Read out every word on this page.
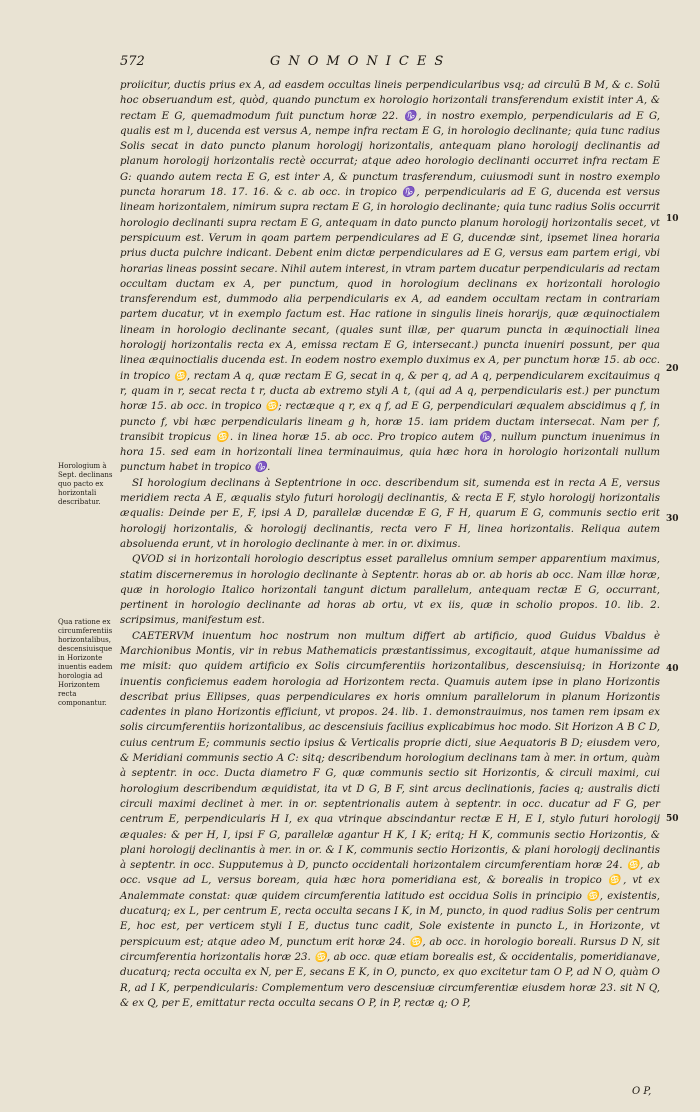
572	GNOMONICES

proiicitur, ductis prius ex A, ad easdem occultas lineis perpendicularibus vsq; ad circulũ B M, & c. Solũ hoc obseruandum est, quòd, quando punctum ex horologio horizontali transferendum existit inter A, & rectam E G, quemadmodum fuit punctum horæ 22. ♑, in nostro exemplo, perpendicularis ad E G, qualis est m l, ducenda est versus A, nempe infra rectam E G, in horologio declinante; quia tunc radius Solis secat in dato puncto planum horologij horizontalis, antequam plano horologij declinantis ad planum horologij horizontalis rectè occurrat; atque adeo horologio declinanti occurret infra rectam E G: quando autem recta E G, est inter A, & punctum trasferendum, cuiusmodi sunt in nostro exemplo puncta horarum 18. 17. 16. & c. ab occ. in tropico ♑, perpendicularis ad E G, ducenda est versus lineam horizontalem, nimirum supra rectam E G, in horologio declinante; quia tunc radius Solis occurrit horologio declinanti supra rectam E G, antequam in dato puncto planum horologij horizontalis secet, vt perspicuum est. Verum in qoam partem perpendiculares ad E G, ducendæ sint, ipsemet linea horaria prius ducta pulchre indicant. Debent enim dictæ perpendiculares ad E G, versus eam partem erigi, vbi horarias lineas possint secare. Nihil autem interest, in vtram partem ducatur perpendicularis ad rectam occultam ductam ex A, per punctum, quod in horologium declinans ex horizontali horologio transferendum est, dummodo alia perpendicularis ex A, ad eandem occultam rectam in contrariam partem ducatur, vt in exemplo factum est. Hac ratione in singulis lineis horarijs, quæ æquinoctialem lineam in horologio declinante secant, (quales sunt illæ, per quarum puncta in æquinoctiali linea horologij horizontalis recta ex A, emissa rectam E G, intersecant.) puncta inueniri possunt, per qua linea æquinoctialis ducenda est. In eodem nostro exemplo duximus ex A, per punctum horæ 15. ab occ. in tropico ♋, rectam A q, quæ rectam E G, secat in q, & per q, ad A q, perpendicularem excitauimus q r, quam in r, secat recta t r, ducta ab extremo styli A t, (qui ad A q, perpendicularis est.) per punctum horæ 15. ab occ. in tropico ♋; rectæque q r, ex q f, ad E G, perpendiculari æqualem abscidimus q f, in puncto f, vbi hæc perpendicularis lineam g h, horæ 15. iam pridem ductam intersecat. Nam per f, transibit tropicus ♋. in linea horæ 15. ab occ. Pro tropico autem ♑, nullum punctum inuenimus in hora 15. sed eam in horizontali linea terminauimus, quia hæc hora in horologio horizontali nullum punctum habet in tropico ♑.

SI horologium declinans à Septentrione in occ. describendum sit, sumenda est in recta A E, versus meridiem recta A E, æqualis stylo futuri horologij declinantis, & recta E F, stylo horologij horizontalis æqualis: Deinde per E, F, ipsi A D, parallelæ ducendæ E G, F H, quarum E G, communis sectio erit horologij horizontalis, & horologij declinantis, recta vero F H, linea horizontalis. Reliqua autem absoluenda erunt, vt in horologio declinante à mer. in or. diximus.

QVOD si in horizontali horologio descriptus esset parallelus omnium semper apparentium maximus, statim discerneremus in horologio declinante à Septentr. horas ab or. ab horis ab occ. Nam illæ horæ, quæ in horologio Italico horizontali tangunt dictum parallelum, antequam rectæ E G, occurrant, pertinent in horologio declinante ad horas ab ortu, vt ex iis, quæ in scholio propos. 10. lib. 2. scripsimus, manifestum est.

CAETERVM inuentum hoc nostrum non multum differt ab artificio, quod Guidus Vbaldus è Marchionibus Montis, vir in rebus Mathematicis præstantissimus, excogitauit, atque humanissime ad me misit: quo quidem artificio ex Solis circumferentiis horizontalibus, descensiuisq; in Horizonte inuentis conficiemus eadem horologia ad Horizontem recta. Quamuis autem ipse in plano Horizontis describat prius Ellipses, quas perpendiculares ex horis omnium parallelorum in planum Horizontis cadentes in plano Horizontis efficiunt, vt propos. 24. lib. 1. demonstrauimus, nos tamen rem ipsam ex solis circumferentiis horizontalibus, ac descensiuis facilius explicabimus hoc modo. Sit Horizon A B C D, cuius centrum E; communis sectio ipsius & Verticalis proprie dicti, siue Aequatoris B D; eiusdem vero, & Meridiani communis sectio A C: sitq; describendum horologium declinans tam à mer. in ortum, quàm à septentr. in occ. Ducta diametro F G, quæ communis sectio sit Horizontis, & circuli maximi, cui horologium describendum æquidistat, ita vt D G, B F, sint arcus declinationis, facies q; australis dicti circuli maximi declinet à mer. in or. septentrionalis autem à septentr. in occ. ducatur ad F G, per centrum E, perpendicularis H I, ex qua vtrinque abscindantur rectæ E H, E I, stylo futuri horologij æquales: & per H, I, ipsi F G, parallelæ agantur H K, I K; eritq; H K, communis sectio Horizontis, & plani horologij declinantis à mer. in or. & I K, communis sectio Horizontis, & plani horologij declinantis à septentr. in occ. Supputemus à D, puncto occidentali horizontalem circumferentiam horæ 24. ♋, ab occ. vsque ad L, versus boream, quia hæc hora pomeridiana est, & borealis in tropico ♋, vt ex Analemmate constat: quæ quidem circumferentia latitudo est occidua Solis in principio ♋, existentis, ducaturq; ex L, per centrum E, recta occulta secans I K, in M, puncto, in quod radius Solis per centrum E, hoc est, per verticem styli I E, ductus tunc cadit, Sole existente in puncto L, in Horizonte, vt perspicuum est; atque adeo M, punctum erit horæ 24. ♋, ab occ. in horologio boreali. Rursus D N, sit circumferentia horizontalis horæ 23. ♋, ab occ. quæ etiam borealis est, & occidentalis, pomeridianave, ducaturq; recta occulta ex N, per E, secans E K, in O, puncto, ex quo excitetur tam O P, ad N O, quàm O R, ad I K, perpendicularis: Complementum vero descensiuæ circumferentiæ eiusdem horæ 23. sit N Q, & ex Q, per E, emittatur recta occulta secans O P, in P, rectæ q; O P,

Horologium à Sept. declinans quo pacto ex horizontali describatur.
Qua ratione ex circumferentiis horizontalibus, descensiuisque in Horizonte inuentis eadem horologia ad Horizontem recta componantur.
10
20
30
40
50
O P,
